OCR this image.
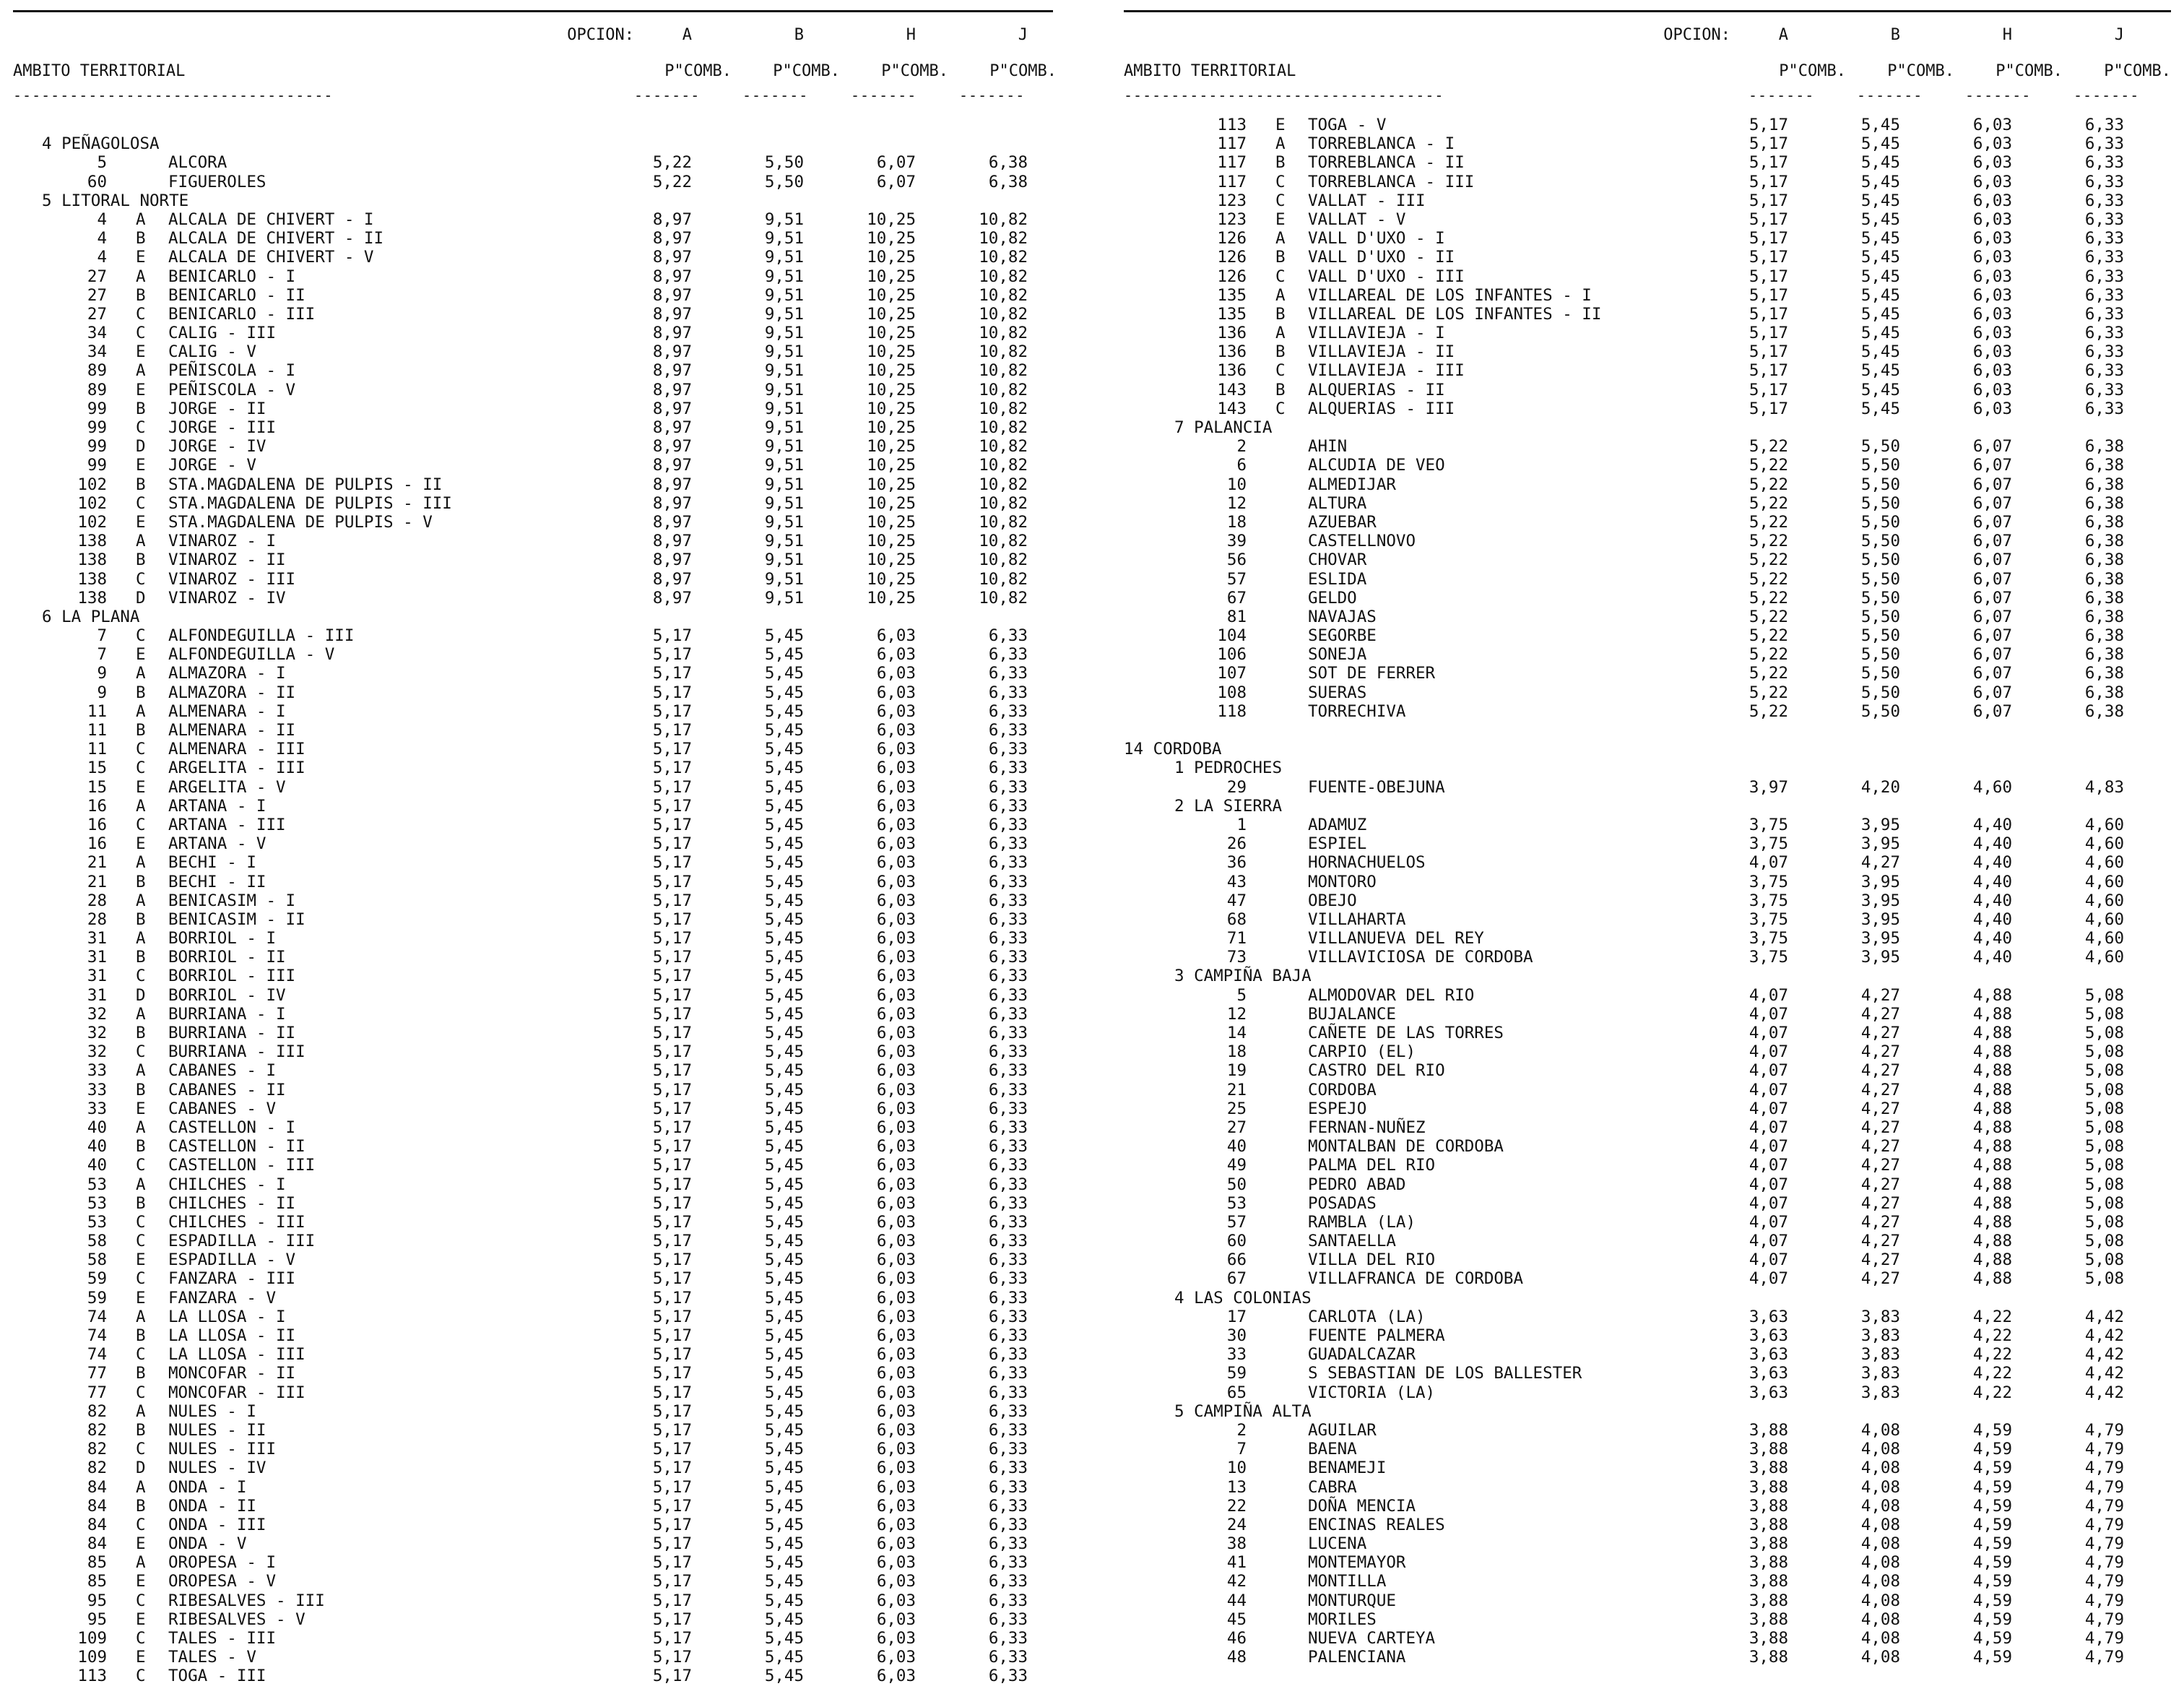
OPCION:	A	B	H	J
AMBITO TERRITORIAL	P"COMB.	P"COMB.	P"COMB.	P"COMB.
----------------------------------	-------	-------	-------	-------
4 PEÑAGOLOSA
5	ALCORA	5,22	5,50	6,07	6,38
60	FIGUEROLES	5,22	5,50	6,07	6,38
5 LITORAL NORTE
4 A	ALCALA DE CHIVERT - I	8,97	9,51	10,25	10,82
4 B	ALCALA DE CHIVERT - II	8,97	9,51	10,25	10,82
4 E	ALCALA DE CHIVERT - V	8,97	9,51	10,25	10,82
27 A	BENICARLO - I	8,97	9,51	10,25	10,82
27 B	BENICARLO - II	8,97	9,51	10,25	10,82
27 C	BENICARLO - III	8,97	9,51	10,25	10,82
34 C	CALIG - III	8,97	9,51	10,25	10,82
34 E	CALIG - V	8,97	9,51	10,25	10,82
89 A	PEÑISCOLA - I	8,97	9,51	10,25	10,82
89 E	PEÑISCOLA - V	8,97	9,51	10,25	10,82
99 B	JORGE - II	8,97	9,51	10,25	10,82
99 C	JORGE - III	8,97	9,51	10,25	10,82
99 D	JORGE - IV	8,97	9,51	10,25	10,82
99 E	JORGE - V	8,97	9,51	10,25	10,82
102 B	STA.MAGDALENA DE PULPIS - II	8,97	9,51	10,25	10,82
102 C	STA.MAGDALENA DE PULPIS - III	8,97	9,51	10,25	10,82
102 E	STA.MAGDALENA DE PULPIS - V	8,97	9,51	10,25	10,82
138 A	VINAROZ - I	8,97	9,51	10,25	10,82
138 B	VINAROZ - II	8,97	9,51	10,25	10,82
138 C	VINAROZ - III	8,97	9,51	10,25	10,82
138 D	VINAROZ - IV	8,97	9,51	10,25	10,82
6 LA PLANA
7 C	ALFONDEGUILLA - III	5,17	5,45	6,03	6,33
7 E	ALFONDEGUILLA - V	5,17	5,45	6,03	6,33
9 A	ALMAZORA - I	5,17	5,45	6,03	6,33
9 B	ALMAZORA - II	5,17	5,45	6,03	6,33
11 A	ALMENARA - I	5,17	5,45	6,03	6,33
11 B	ALMENARA - II	5,17	5,45	6,03	6,33
11 C	ALMENARA - III	5,17	5,45	6,03	6,33
15 C	ARGELITA - III	5,17	5,45	6,03	6,33
15 E	ARGELITA - V	5,17	5,45	6,03	6,33
16 A	ARTANA - I	5,17	5,45	6,03	6,33
16 C	ARTANA - III	5,17	5,45	6,03	6,33
16 E	ARTANA - V	5,17	5,45	6,03	6,33
21 A	BECHI - I	5,17	5,45	6,03	6,33
21 B	BECHI - II	5,17	5,45	6,03	6,33
28 A	BENICASIM - I	5,17	5,45	6,03	6,33
28 B	BENICASIM - II	5,17	5,45	6,03	6,33
31 A	BORRIOL - I	5,17	5,45	6,03	6,33
31 B	BORRIOL - II	5,17	5,45	6,03	6,33
31 C	BORRIOL - III	5,17	5,45	6,03	6,33
31 D	BORRIOL - IV	5,17	5,45	6,03	6,33
32 A	BURRIANA - I	5,17	5,45	6,03	6,33
32 B	BURRIANA - II	5,17	5,45	6,03	6,33
32 C	BURRIANA - III	5,17	5,45	6,03	6,33
33 A	CABANES - I	5,17	5,45	6,03	6,33
33 B	CABANES - II	5,17	5,45	6,03	6,33
33 E	CABANES - V	5,17	5,45	6,03	6,33
40 A	CASTELLON - I	5,17	5,45	6,03	6,33
40 B	CASTELLON - II	5,17	5,45	6,03	6,33
40 C	CASTELLON - III	5,17	5,45	6,03	6,33
53 A	CHILCHES - I	5,17	5,45	6,03	6,33
53 B	CHILCHES - II	5,17	5,45	6,03	6,33
53 C	CHILCHES - III	5,17	5,45	6,03	6,33
58 C	ESPADILLA - III	5,17	5,45	6,03	6,33
58 E	ESPADILLA - V	5,17	5,45	6,03	6,33
59 C	FANZARA - III	5,17	5,45	6,03	6,33
59 E	FANZARA - V	5,17	5,45	6,03	6,33
74 A	LA LLOSA - I	5,17	5,45	6,03	6,33
74 B	LA LLOSA - II	5,17	5,45	6,03	6,33
74 C	LA LLOSA - III	5,17	5,45	6,03	6,33
77 B	MONCOFAR - II	5,17	5,45	6,03	6,33
77 C	MONCOFAR - III	5,17	5,45	6,03	6,33
82 A	NULES - I	5,17	5,45	6,03	6,33
82 B	NULES - II	5,17	5,45	6,03	6,33
82 C	NULES - III	5,17	5,45	6,03	6,33
82 D	NULES - IV	5,17	5,45	6,03	6,33
84 A	ONDA - I	5,17	5,45	6,03	6,33
84 B	ONDA - II	5,17	5,45	6,03	6,33
84 C	ONDA - III	5,17	5,45	6,03	6,33
84 E	ONDA - V	5,17	5,45	6,03	6,33
85 A	OROPESA - I	5,17	5,45	6,03	6,33
85 E	OROPESA - V	5,17	5,45	6,03	6,33
95 C	RIBESALVES - III	5,17	5,45	6,03	6,33
95 E	RIBESALVES - V	5,17	5,45	6,03	6,33
109 C	TALES - III	5,17	5,45	6,03	6,33
109 E	TALES - V	5,17	5,45	6,03	6,33
113 C	TOGA - III	5,17	5,45	6,03	6,33
OPCION:	A	B	H	J
AMBITO TERRITORIAL	P"COMB.	P"COMB.	P"COMB.	P"COMB.
----------------------------------	-------	-------	-------	-------
113 E	TOGA - V	5,17	5,45	6,03	6,33
117 A	TORREBLANCA - I	5,17	5,45	6,03	6,33
117 B	TORREBLANCA - II	5,17	5,45	6,03	6,33
117 C	TORREBLANCA - III	5,17	5,45	6,03	6,33
123 C	VALLAT - III	5,17	5,45	6,03	6,33
123 E	VALLAT - V	5,17	5,45	6,03	6,33
126 A	VALL D'UXO - I	5,17	5,45	6,03	6,33
126 B	VALL D'UXO - II	5,17	5,45	6,03	6,33
126 C	VALL D'UXO - III	5,17	5,45	6,03	6,33
135 A	VILLAREAL DE LOS INFANTES - I	5,17	5,45	6,03	6,33
135 B	VILLAREAL DE LOS INFANTES - II	5,17	5,45	6,03	6,33
136 A	VILLAVIEJA - I	5,17	5,45	6,03	6,33
136 B	VILLAVIEJA - II	5,17	5,45	6,03	6,33
136 C	VILLAVIEJA - III	5,17	5,45	6,03	6,33
143 B	ALQUERIAS - II	5,17	5,45	6,03	6,33
143 C	ALQUERIAS - III	5,17	5,45	6,03	6,33
7 PALANCIA
2	AHIN	5,22	5,50	6,07	6,38
6	ALCUDIA DE VEO	5,22	5,50	6,07	6,38
10	ALMEDIJAR	5,22	5,50	6,07	6,38
12	ALTURA	5,22	5,50	6,07	6,38
18	AZUEBAR	5,22	5,50	6,07	6,38
39	CASTELLNOVO	5,22	5,50	6,07	6,38
56	CHOVAR	5,22	5,50	6,07	6,38
57	ESLIDA	5,22	5,50	6,07	6,38
67	GELDO	5,22	5,50	6,07	6,38
81	NAVAJAS	5,22	5,50	6,07	6,38
104	SEGORBE	5,22	5,50	6,07	6,38
106	SONEJA	5,22	5,50	6,07	6,38
107	SOT DE FERRER	5,22	5,50	6,07	6,38
108	SUERAS	5,22	5,50	6,07	6,38
118	TORRECHIVA	5,22	5,50	6,07	6,38
14 CORDOBA
1 PEDROCHES
29	FUENTE-OBEJUNA	3,97	4,20	4,60	4,83
2 LA SIERRA
1	ADAMUZ	3,75	3,95	4,40	4,60
26	ESPIEL	3,75	3,95	4,40	4,60
36	HORNACHUELOS	4,07	4,27	4,40	4,60
43	MONTORO	3,75	3,95	4,40	4,60
47	OBEJO	3,75	3,95	4,40	4,60
68	VILLAHARTA	3,75	3,95	4,40	4,60
71	VILLANUEVA DEL REY	3,75	3,95	4,40	4,60
73	VILLAVICIOSA DE CORDOBA	3,75	3,95	4,40	4,60
3 CAMPIÑA BAJA
5	ALMODOVAR DEL RIO	4,07	4,27	4,88	5,08
12	BUJALANCE	4,07	4,27	4,88	5,08
14	CAÑETE DE LAS TORRES	4,07	4,27	4,88	5,08
18	CARPIO (EL)	4,07	4,27	4,88	5,08
19	CASTRO DEL RIO	4,07	4,27	4,88	5,08
21	CORDOBA	4,07	4,27	4,88	5,08
25	ESPEJO	4,07	4,27	4,88	5,08
27	FERNAN-NUÑEZ	4,07	4,27	4,88	5,08
40	MONTALBAN DE CORDOBA	4,07	4,27	4,88	5,08
49	PALMA DEL RIO	4,07	4,27	4,88	5,08
50	PEDRO ABAD	4,07	4,27	4,88	5,08
53	POSADAS	4,07	4,27	4,88	5,08
57	RAMBLA (LA)	4,07	4,27	4,88	5,08
60	SANTAELLA	4,07	4,27	4,88	5,08
66	VILLA DEL RIO	4,07	4,27	4,88	5,08
67	VILLAFRANCA DE CORDOBA	4,07	4,27	4,88	5,08
4 LAS COLONIAS
17	CARLOTA (LA)	3,63	3,83	4,22	4,42
30	FUENTE PALMERA	3,63	3,83	4,22	4,42
33	GUADALCAZAR	3,63	3,83	4,22	4,42
59	S SEBASTIAN DE LOS BALLESTER	3,63	3,83	4,22	4,42
65	VICTORIA (LA)	3,63	3,83	4,22	4,42
5 CAMPIÑA ALTA
2	AGUILAR	3,88	4,08	4,59	4,79
7	BAENA	3,88	4,08	4,59	4,79
10	BENAMEJI	3,88	4,08	4,59	4,79
13	CABRA	3,88	4,08	4,59	4,79
22	DOÑA MENCIA	3,88	4,08	4,59	4,79
24	ENCINAS REALES	3,88	4,08	4,59	4,79
38	LUCENA	3,88	4,08	4,59	4,79
41	MONTEMAYOR	3,88	4,08	4,59	4,79
42	MONTILLA	3,88	4,08	4,59	4,79
44	MONTURQUE	3,88	4,08	4,59	4,79
45	MORILES	3,88	4,08	4,59	4,79
46	NUEVA CARTEYA	3,88	4,08	4,59	4,79
48	PALENCIANA	3,88	4,08	4,59	4,79
